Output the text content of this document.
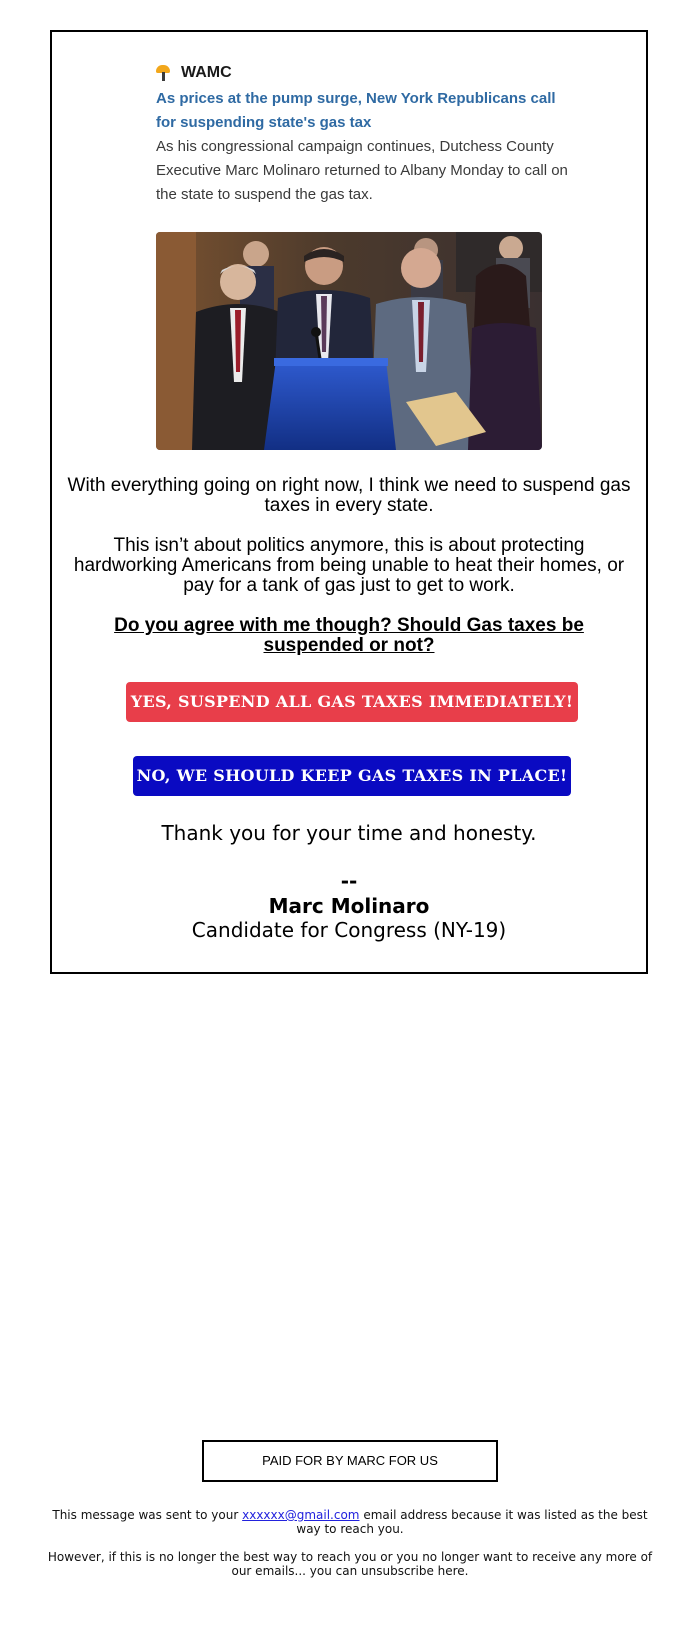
WAMC
As prices at the pump surge, New York Republicans call for suspending state's gas tax
As his congressional campaign continues, Dutchess County Executive Marc Molinaro returned to Albany Monday to call on the state to suspend the gas tax.
With everything going on right now, I think we need to suspend gas taxes in every state.
This isn’t about politics anymore, this is about protecting hardworking Americans from being unable to heat their homes, or pay for a tank of gas just to get to work.
Do you agree with me though? Should Gas taxes be suspended or not?
YES, SUSPEND ALL GAS TAXES IMMEDIATELY!
NO, WE SHOULD KEEP GAS TAXES IN PLACE!
Thank you for your time and honesty.
--
Marc Molinaro
Candidate for Congress (NY-19)
PAID FOR BY MARC FOR US
This message was sent to your xxxxxx@gmail.com email address because it was listed as the best way to reach you.
However, if this is no longer the best way to reach you or you no longer want to receive any more of our emails... you can unsubscribe here.
